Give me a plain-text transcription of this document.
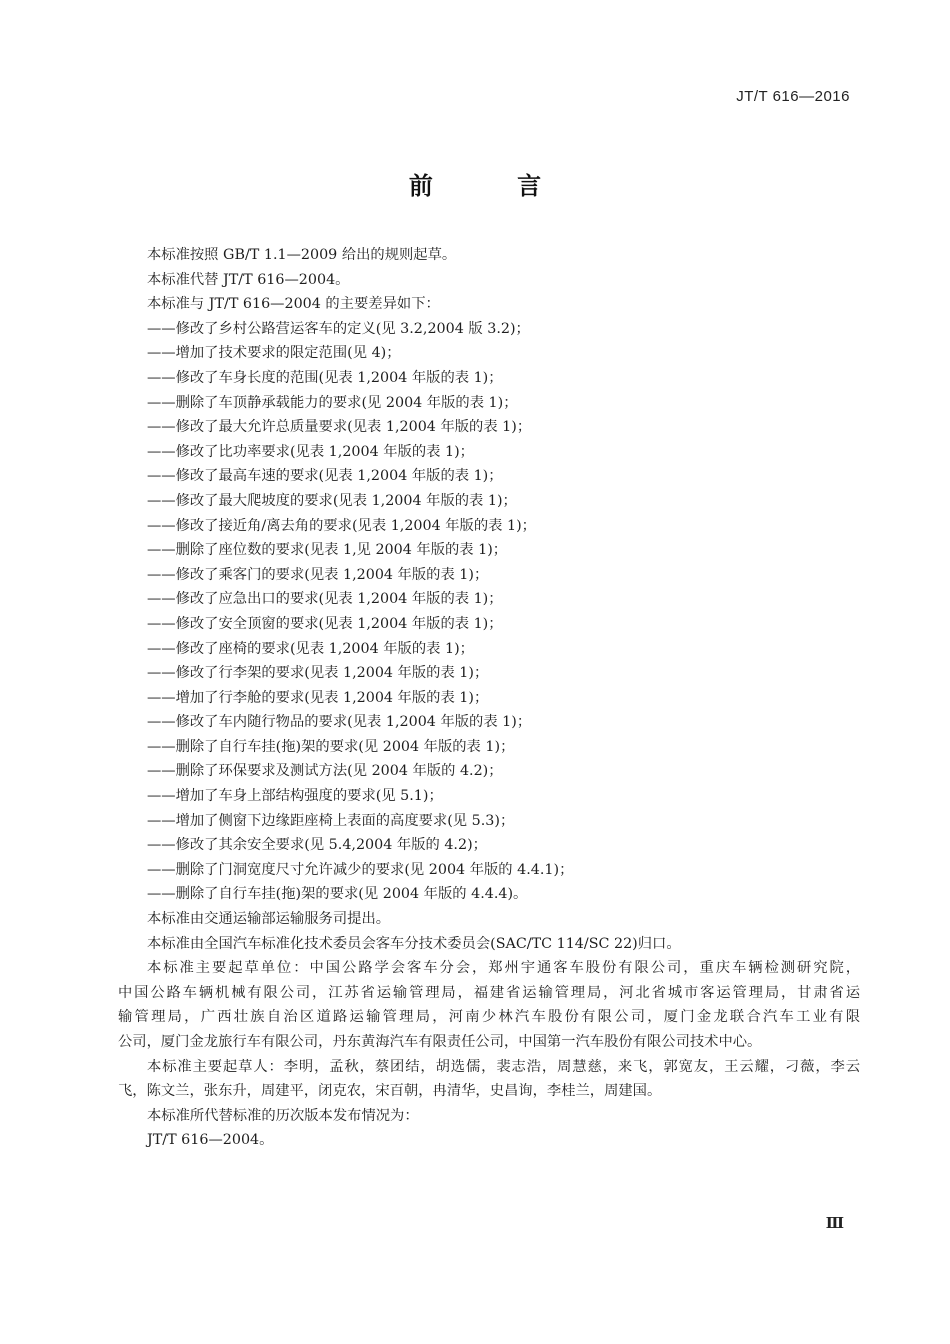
JT/T 616—2016
前 言
本标准按照 GB/T 1.1—2009 给出的规则起草。
本标准代替 JT/T 616—2004。
本标准与 JT/T 616—2004 的主要差异如下：
——修改了乡村公路营运客车的定义(见 3.2,2004 版 3.2)；
——增加了技术要求的限定范围(见 4)；
——修改了车身长度的范围(见表 1,2004 年版的表 1)；
——删除了车顶静承载能力的要求(见 2004 年版的表 1)；
——修改了最大允许总质量要求(见表 1,2004 年版的表 1)；
——修改了比功率要求(见表 1,2004 年版的表 1)；
——修改了最高车速的要求(见表 1,2004 年版的表 1)；
——修改了最大爬坡度的要求(见表 1,2004 年版的表 1)；
——修改了接近角/离去角的要求(见表 1,2004 年版的表 1)；
——删除了座位数的要求(见表 1,见 2004 年版的表 1)；
——修改了乘客门的要求(见表 1,2004 年版的表 1)；
——修改了应急出口的要求(见表 1,2004 年版的表 1)；
——修改了安全顶窗的要求(见表 1,2004 年版的表 1)；
——修改了座椅的要求(见表 1,2004 年版的表 1)；
——修改了行李架的要求(见表 1,2004 年版的表 1)；
——增加了行李舱的要求(见表 1,2004 年版的表 1)；
——修改了车内随行物品的要求(见表 1,2004 年版的表 1)；
——删除了自行车挂(拖)架的要求(见 2004 年版的表 1)；
——删除了环保要求及测试方法(见 2004 年版的 4.2)；
——增加了车身上部结构强度的要求(见 5.1)；
——增加了侧窗下边缘距座椅上表面的高度要求(见 5.3)；
——修改了其余安全要求(见 5.4,2004 年版的 4.2)；
——删除了门洞宽度尺寸允许减少的要求(见 2004 年版的 4.4.1)；
——删除了自行车挂(拖)架的要求(见 2004 年版的 4.4.4)。
本标准由交通运输部运输服务司提出。
本标准由全国汽车标准化技术委员会客车分技术委员会(SAC/TC 114/SC 22)归口。
本标准主要起草单位：中国公路学会客车分会，郑州宇通客车股份有限公司，重庆车辆检测研究院，
中国公路车辆机械有限公司，江苏省运输管理局，福建省运输管理局，河北省城市客运管理局，甘肃省运
输管理局，广西壮族自治区道路运输管理局，河南少林汽车股份有限公司，厦门金龙联合汽车工业有限
公司，厦门金龙旅行车有限公司，丹东黄海汽车有限责任公司，中国第一汽车股份有限公司技术中心。
本标准主要起草人：李明，孟秋，蔡团结，胡选儒，裴志浩，周慧慈，来飞，郭宽友，王云耀，刁薇，李云
飞，陈文兰，张东升，周建平，闭克农，宋百朝，冉清华，史昌询，李桂兰，周建国。
本标准所代替标准的历次版本发布情况为：
JT/T 616—2004。
Ⅲ
